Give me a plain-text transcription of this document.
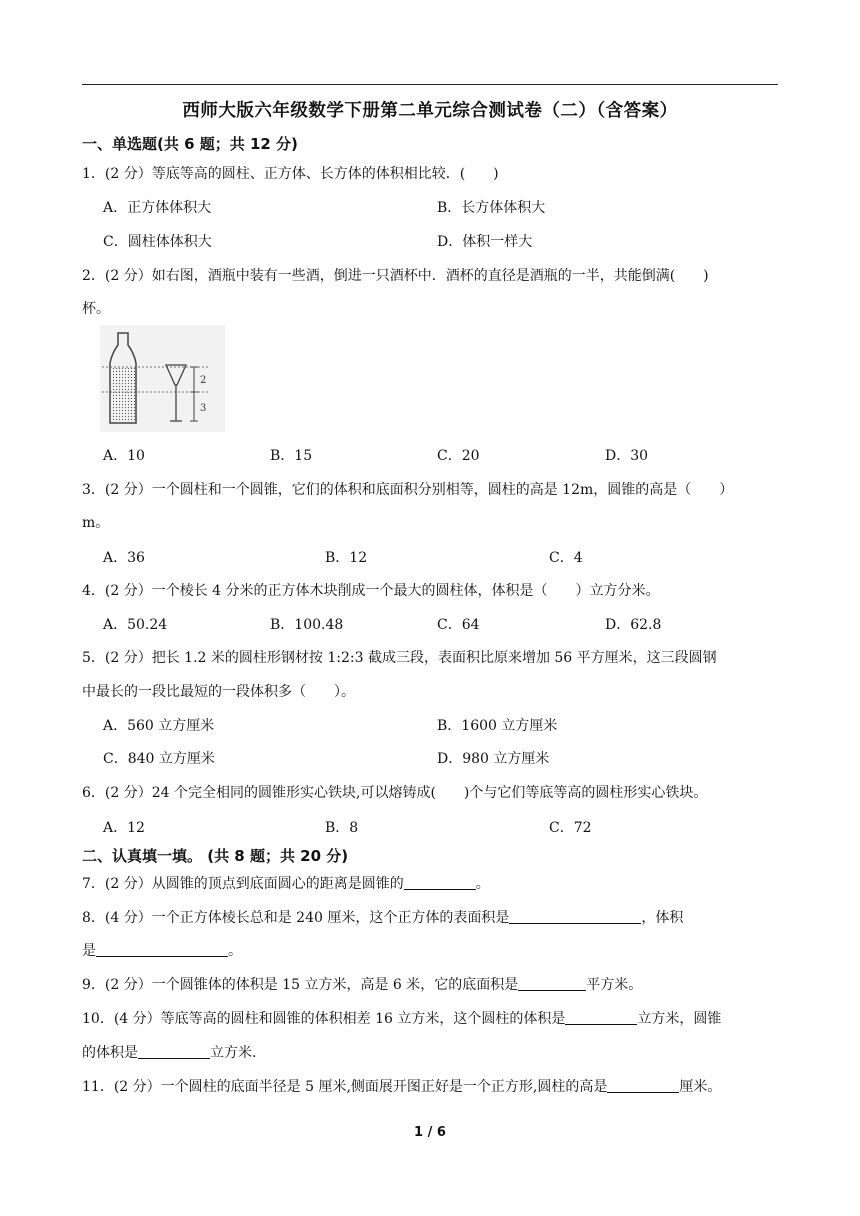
西师大版六年级数学下册第二单元综合测试卷（二）（含答案）
一、单选题(共 6 题；共 12 分)
1．(2 分）等底等高的圆柱、正方体、长方体的体积相比较．(　　)
A．正方体体积大	B．长方体体积大
C．圆柱体体积大	D．体积一样大
2．(2 分）如右图，酒瓶中装有一些酒，倒进一只酒杯中．酒杯的直径是酒瓶的一半，共能倒满(　　)
杯。
2
3
A．10	B．15	C．20	D．30
3．(2 分）一个圆柱和一个圆锥，它们的体积和底面积分别相等，圆柱的高是 12m，圆锥的高是（　　）
m。
A．36	B．12	C．4
4．(2 分）一个棱长 4 分米的正方体木块削成一个最大的圆柱体，体积是（　　）立方分米。
A．50.24	B．100.48	C．64	D．62.8
5．(2 分）把长 1.2 米的圆柱形钢材按 1:2:3 截成三段，表面积比原来增加 56 平方厘米，这三段圆钢
中最长的一段比最短的一段体积多（　　）。
A．560 立方厘米	B．1600 立方厘米
C．840 立方厘米	D．980 立方厘米
6．(2 分）24 个完全相同的圆锥形实心铁块,可以熔铸成(　　)个与它们等底等高的圆柱形实心铁块。
A．12	B．8	C．72
二、认真填一填。 (共 8 题；共 20 分)
7．(2 分）从圆锥的顶点到底面圆心的距离是圆锥的	。
8．(4 分）一个正方体棱长总和是 240 厘米，这个正方体的表面积是	，体积
是	。
9．(2 分）一个圆锥体的体积是 15 立方米，高是 6 米，它的底面积是	平方米。
10．(4 分）等底等高的圆柱和圆锥的体积相差 16 立方米，这个圆柱的体积是	立方米，圆锥
的体积是	立方米．
11．(2 分）一个圆柱的底面半径是 5 厘米,侧面展开图正好是一个正方形,圆柱的高是	厘米。
1 / 6
